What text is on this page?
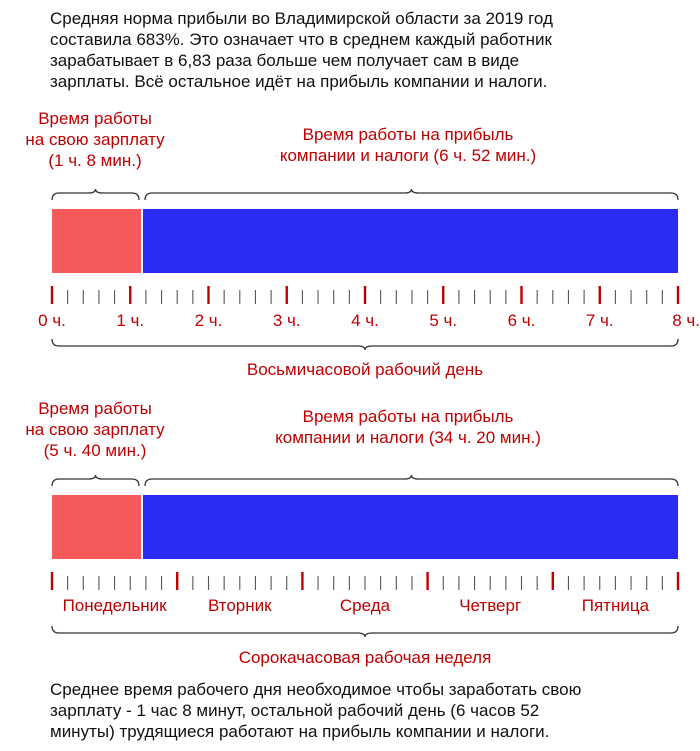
Средняя норма прибыли во Владимирской области за 2019 год
составила 683%. Это означает что в среднем каждый работник
зарабатывает в 6,83 раза больше чем получает сам в виде
зарплаты. Всё остальное идёт на прибыль компании и налоги.

Время работы
на свою зарплату
(1 ч. 8 мин.)
Время работы на прибыль
компании и налоги (6 ч. 52 мин.)
0 ч.	1 ч.	2 ч.	3 ч.	4 ч.	5 ч.	6 ч.	7 ч.	8 ч.
Восьмичасовой рабочий день
Время работы
на свою зарплату
(5 ч. 40 мин.)
Время работы на прибыль
компании и налоги (34 ч. 20 мин.)
Понедельник	Вторник	Среда	Четверг	Пятница
Сорокачасовая рабочая неделя

Среднее время рабочего дня необходимое чтобы заработать свою
зарплату - 1 час 8 минут, остальной рабочий день (6 часов 52
минуты) трудящиеся работают на прибыль компании и налоги.
